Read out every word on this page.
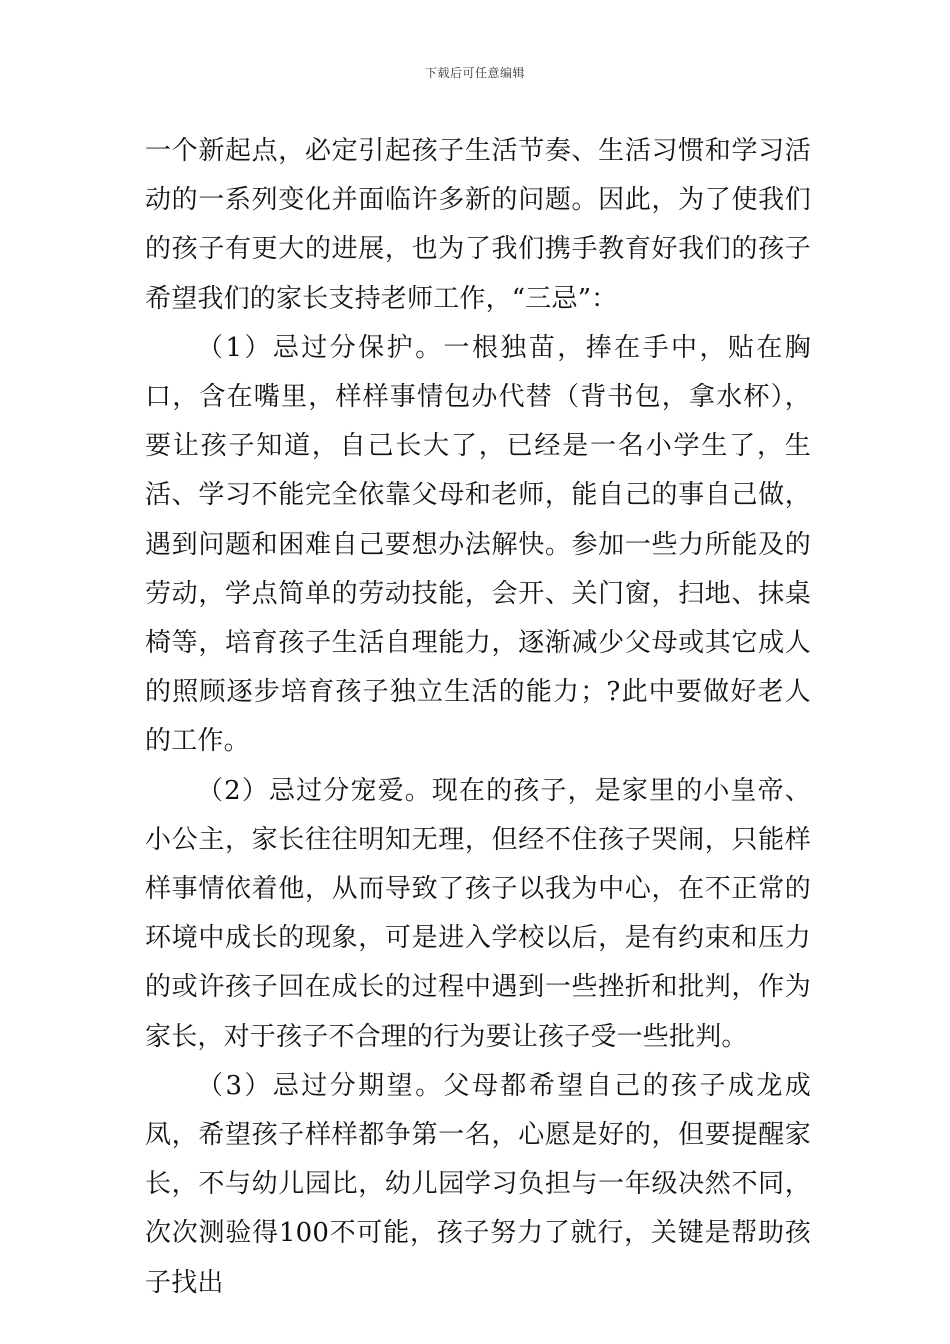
下载后可任意编辑

一个新起点，必定引起孩子生活节奏、生活习惯和学习活动的一系列变化并面临许多新的问题。因此，为了使我们的孩子有更大的进展，也为了我们携手教育好我们的孩子希望我们的家长支持老师工作，“三忌”：

（1）忌过分保护。一根独苗，捧在手中，贴在胸口，含在嘴里，样样事情包办代替（背书包，拿水杯），要让孩子知道，自己长大了，已经是一名小学生了，生活、学习不能完全依靠父母和老师，能自己的事自己做，遇到问题和困难自己要想办法解快。参加一些力所能及的劳动，学点简单的劳动技能，会开、关门窗，扫地、抹桌椅等，培育孩子生活自理能力，逐渐减少父母或其它成人的照顾逐步培育孩子独立生活的能力；?此中要做好老人的工作。

（2）忌过分宠爱。现在的孩子，是家里的小皇帝、小公主，家长往往明知无理，但经不住孩子哭闹，只能样样事情依着他，从而导致了孩子以我为中心，在不正常的环境中成长的现象，可是进入学校以后，是有约束和压力的或许孩子回在成长的过程中遇到一些挫折和批判，作为家长，对于孩子不合理的行为要让孩子受一些批判。

（3）忌过分期望。父母都希望自己的孩子成龙成凤，希望孩子样样都争第一名，心愿是好的，但要提醒家长，不与幼儿园比，幼儿园学习负担与一年级决然不同，次次测验得100不可能，孩子努力了就行，关键是帮助孩子找出
